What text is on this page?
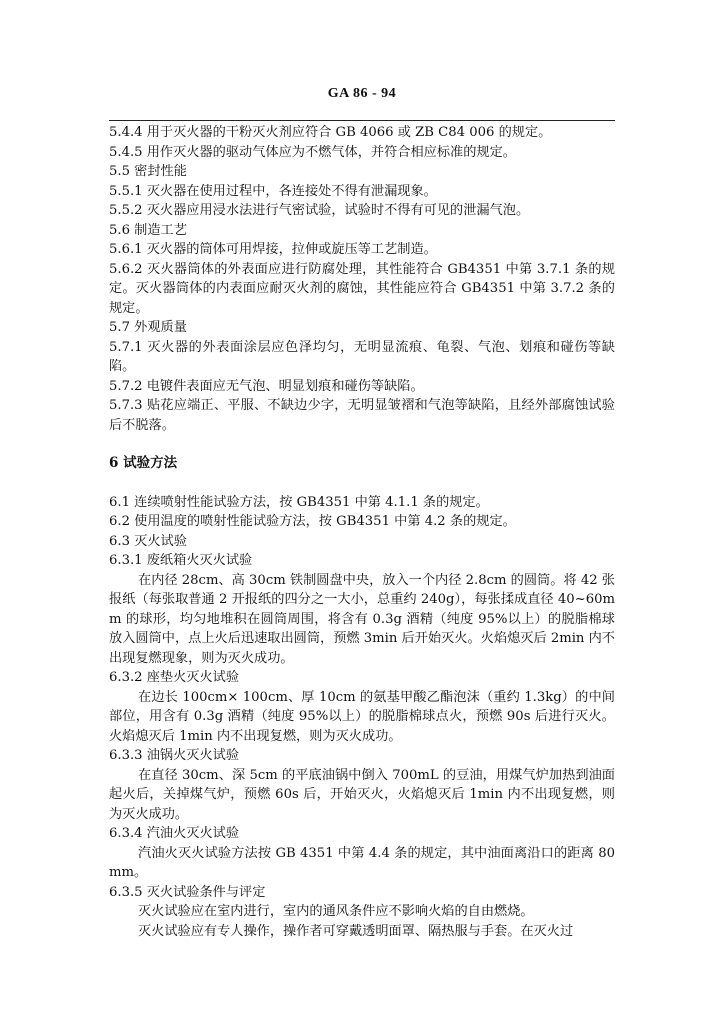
GA 86 - 94

5.4.4 用于灭火器的干粉灭火剂应符合 GB 4066 或 ZB C84 006 的规定。

5.4.5 用作灭火器的驱动气体应为不燃气体，并符合相应标准的规定。

5.5 密封性能

5.5.1 灭火器在使用过程中，各连接处不得有泄漏现象。

5.5.2 灭火器应用浸水法进行气密试验，试验时不得有可见的泄漏气泡。

5.6 制造工艺

5.6.1 灭火器的筒体可用焊接，拉伸或旋压等工艺制造。

5.6.2 灭火器筒体的外表面应进行防腐处理，其性能符合 GB4351 中第 3.7.1 条的规定。灭火器筒体的内表面应耐灭火剂的腐蚀，其性能应符合 GB4351 中第 3.7.2 条的规定。

5.7 外观质量

5.7.1 灭火器的外表面涂层应色泽均匀，无明显流痕、龟裂、气泡、划痕和碰伤等缺陷。

5.7.2 电镀件表面应无气泡、明显划痕和碰伤等缺陷。

5.7.3 贴花应端正、平服、不缺边少字，无明显皱褶和气泡等缺陷，且经外部腐蚀试验后不脱落。

6 试验方法

6.1 连续喷射性能试验方法，按 GB4351 中第 4.1.1 条的规定。

6.2 使用温度的喷射性能试验方法，按 GB4351 中第 4.2 条的规定。

6.3 灭火试验

6.3.1 废纸箱火灭火试验

在内径 28cm、高 30cm 铁制圆盘中央，放入一个内径 2.8cm 的圆筒。将 42 张报纸（每张取普通 2 开报纸的四分之一大小，总重约 240g），每张揉成直径 40~60mm 的球形，均匀地堆积在圆筒周围，将含有 0.3g 酒精（纯度 95%以上）的脱脂棉球放入圆筒中，点上火后迅速取出圆筒，预燃 3min 后开始灭火。火焰熄灭后 2min 内不出现复燃现象，则为灭火成功。

6.3.2 座垫火灭火试验

在边长 100cm× 100cm、厚 10cm 的氨基甲酸乙酯泡沫（重约 1.3kg）的中间部位，用含有 0.3g 酒精（纯度 95%以上）的脱脂棉球点火，预燃 90s 后进行灭火。火焰熄灭后 1min 内不出现复燃，则为灭火成功。

6.3.3 油锅火灭火试验

在直径 30cm、深 5cm 的平底油锅中倒入 700mL 的豆油，用煤气炉加热到油面起火后，关掉煤气炉，预燃 60s 后，开始灭火，火焰熄灭后 1min 内不出现复燃，则为灭火成功。

6.3.4 汽油火灭火试验

汽油火灭火试验方法按 GB 4351 中第 4.4 条的规定，其中油面离沿口的距离 80mm。

6.3.5 灭火试验条件与评定

灭火试验应在室内进行，室内的通风条件应不影响火焰的自由燃烧。

灭火试验应有专人操作，操作者可穿戴透明面罩、隔热服与手套。在灭火过
